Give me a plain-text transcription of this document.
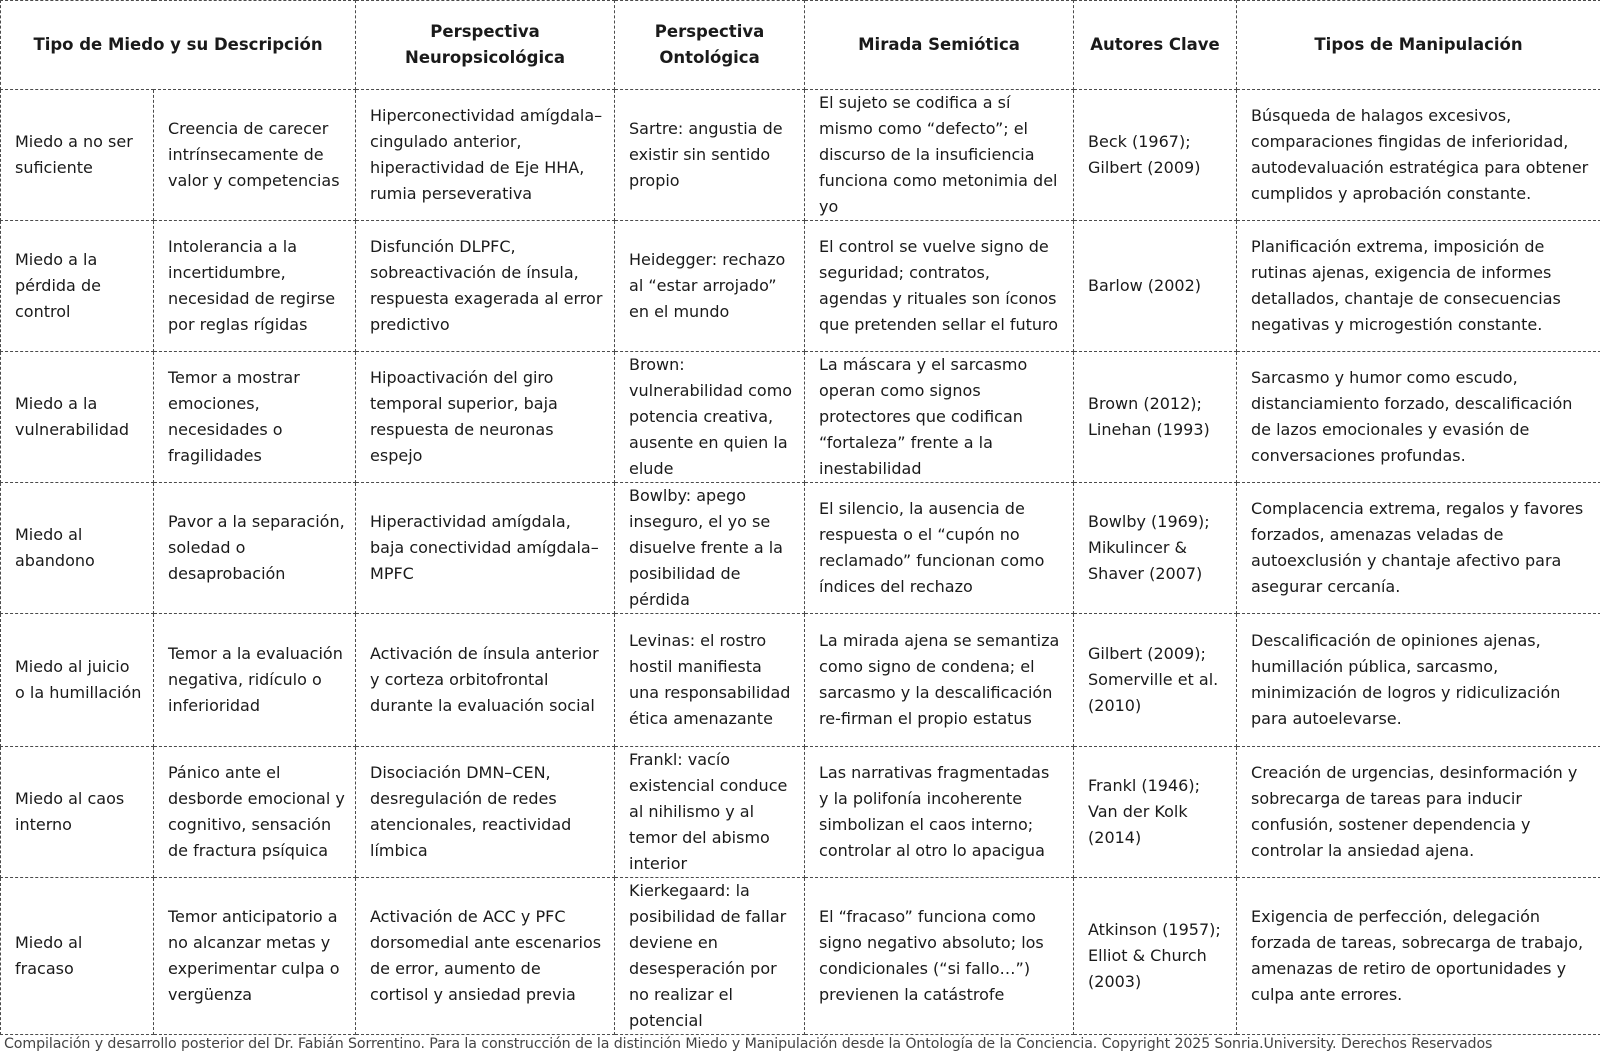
Tipo de Miedo y su Descripción		Perspectiva Neuropsicológica	Perspectiva Ontológica	Mirada Semiótica	Autores Clave	Tipos de Manipulación
Miedo a no ser suficiente	Creencia de carecer intrínsecamente de valor y competencias	Hiperconectividad amígdala–cingulado anterior, hiperactividad de Eje HHA, rumia perseverativa	Sartre: angustia de existir sin sentido propio	El sujeto se codifica a sí mismo como “defecto”; el discurso de la insuficiencia funciona como metonimia del yo	Beck (1967); Gilbert (2009)	Búsqueda de halagos excesivos, comparaciones fingidas de inferioridad, autodevaluación estratégica para obtener cumplidos y aprobación constante.
Miedo a la pérdida de control	Intolerancia a la incertidumbre, necesidad de regirse por reglas rígidas	Disfunción DLPFC, sobreactivación de ínsula, respuesta exagerada al error predictivo	Heidegger: rechazo al “estar arrojado” en el mundo	El control se vuelve signo de seguridad; contratos, agendas y rituales son íconos que pretenden sellar el futuro	Barlow (2002)	Planificación extrema, imposición de rutinas ajenas, exigencia de informes detallados, chantaje de consecuencias negativas y microgestión constante.
Miedo a la vulnerabilidad	Temor a mostrar emociones, necesidades o fragilidades	Hipoactivación del giro temporal superior, baja respuesta de neuronas espejo	Brown: vulnerabilidad como potencia creativa, ausente en quien la elude	La máscara y el sarcasmo operan como signos protectores que codifican “fortaleza” frente a la inestabilidad	Brown (2012); Linehan (1993)	Sarcasmo y humor como escudo, distanciamiento forzado, descalificación de lazos emocionales y evasión de conversaciones profundas.
Miedo al abandono	Pavor a la separación, soledad o desaprobación	Hiperactividad amígdala, baja conectividad amígdala–MPFC	Bowlby: apego inseguro, el yo se disuelve frente a la posibilidad de pérdida	El silencio, la ausencia de respuesta o el “cupón no reclamado” funcionan como índices del rechazo	Bowlby (1969); Mikulincer & Shaver (2007)	Complacencia extrema, regalos y favores forzados, amenazas veladas de autoexclusión y chantaje afectivo para asegurar cercanía.
Miedo al juicio o la humillación	Temor a la evaluación negativa, ridículo o inferioridad	Activación de ínsula anterior y corteza orbitofrontal durante la evaluación social	Levinas: el rostro hostil manifiesta una responsabilidad ética amenazante	La mirada ajena se semantiza como signo de condena; el sarcasmo y la descalificación re-firman el propio estatus	Gilbert (2009); Somerville et al. (2010)	Descalificación de opiniones ajenas, humillación pública, sarcasmo, minimización de logros y ridiculización para autoelevarse.
Miedo al caos interno	Pánico ante el desborde emocional y cognitivo, sensación de fractura psíquica	Disociación DMN–CEN, desregulación de redes atencionales, reactividad límbica	Frankl: vacío existencial conduce al nihilismo y al temor del abismo interior	Las narrativas fragmentadas y la polifonía incoherente simbolizan el caos interno; controlar al otro lo apacigua	Frankl (1946); Van der Kolk (2014)	Creación de urgencias, desinformación y sobrecarga de tareas para inducir confusión, sostener dependencia y controlar la ansiedad ajena.
Miedo al fracaso	Temor anticipatorio a no alcanzar metas y experimentar culpa o vergüenza	Activación de ACC y PFC dorsomedial ante escenarios de error, aumento de cortisol y ansiedad previa	Kierkegaard: la posibilidad de fallar deviene en desesperación por no realizar el potencial	El “fracaso” funciona como signo negativo absoluto; los condicionales (“si fallo…”) previenen la catástrofe	Atkinson (1957); Elliot & Church (2003)	Exigencia de perfección, delegación forzada de tareas, sobrecarga de trabajo, amenazas de retiro de oportunidades y culpa ante errores.
Compilación y desarrollo posterior del Dr. Fabián Sorrentino. Para la construcción de la distinción Miedo y Manipulación desde la Ontología de la Conciencia. Copyright 2025 Sonria.University. Derechos Reservados
